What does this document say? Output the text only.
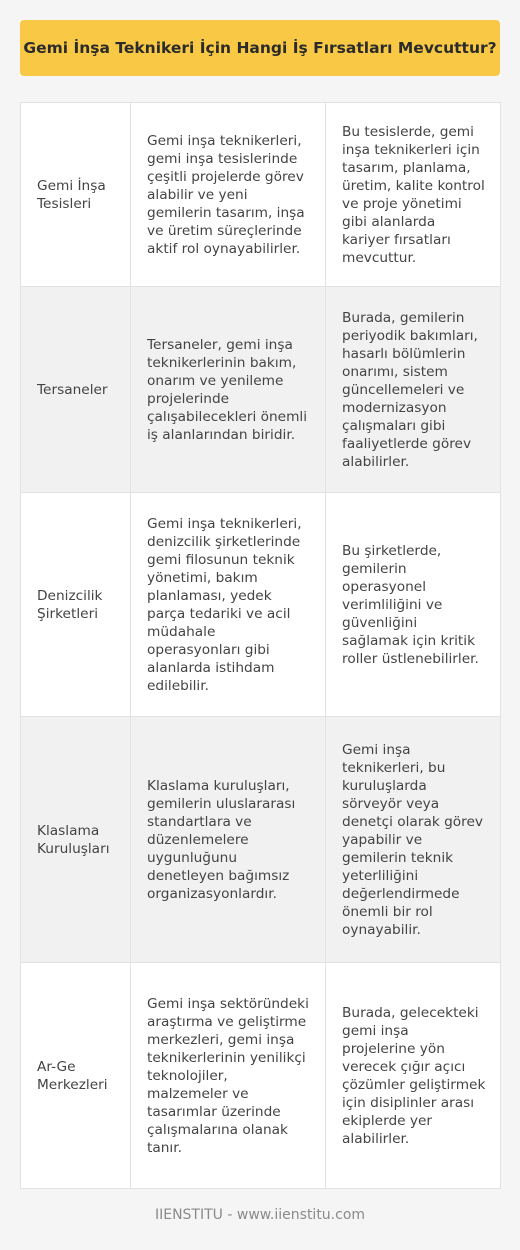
Gemi İnşa Teknikeri İçin Hangi İş Fırsatları Mevcuttur?
Gemi İnşa Tesisleri	Gemi inşa teknikerleri, gemi inşa tesislerinde çeşitli projelerde görev alabilir ve yeni gemilerin tasarım, inşa ve üretim süreçlerinde aktif rol oynayabilirler.	Bu tesislerde, gemi inşa teknikerleri için tasarım, planlama, üretim, kalite kontrol ve proje yönetimi gibi alanlarda kariyer fırsatları mevcuttur.
Tersaneler	Tersaneler, gemi inşa teknikerlerinin bakım, onarım ve yenileme projelerinde çalışabilecekleri önemli iş alanlarından biridir.	Burada, gemilerin periyodik bakımları, hasarlı bölümlerin onarımı, sistem güncellemeleri ve modernizasyon çalışmaları gibi faaliyetlerde görev alabilirler.
Denizcilik Şirketleri	Gemi inşa teknikerleri, denizcilik şirketlerinde gemi filosunun teknik yönetimi, bakım planlaması, yedek parça tedariki ve acil müdahale operasyonları gibi alanlarda istihdam edilebilir.	Bu şirketlerde, gemilerin operasyonel verimliliğini ve güvenliğini sağlamak için kritik roller üstlenebilirler.
Klaslama Kuruluşları	Klaslama kuruluşları, gemilerin uluslararası standartlara ve düzenlemelere uygunluğunu denetleyen bağımsız organizasyonlardır.	Gemi inşa teknikerleri, bu kuruluşlarda sörveyör veya denetçi olarak görev yapabilir ve gemilerin teknik yeterliliğini değerlendirmede önemli bir rol oynayabilir.
Ar-Ge Merkezleri	Gemi inşa sektöründeki araştırma ve geliştirme merkezleri, gemi inşa teknikerlerinin yenilikçi teknolojiler, malzemeler ve tasarımlar üzerinde çalışmalarına olanak tanır.	Burada, gelecekteki gemi inşa projelerine yön verecek çığır açıcı çözümler geliştirmek için disiplinler arası ekiplerde yer alabilirler.
IIENSTITU - www.iienstitu.com
